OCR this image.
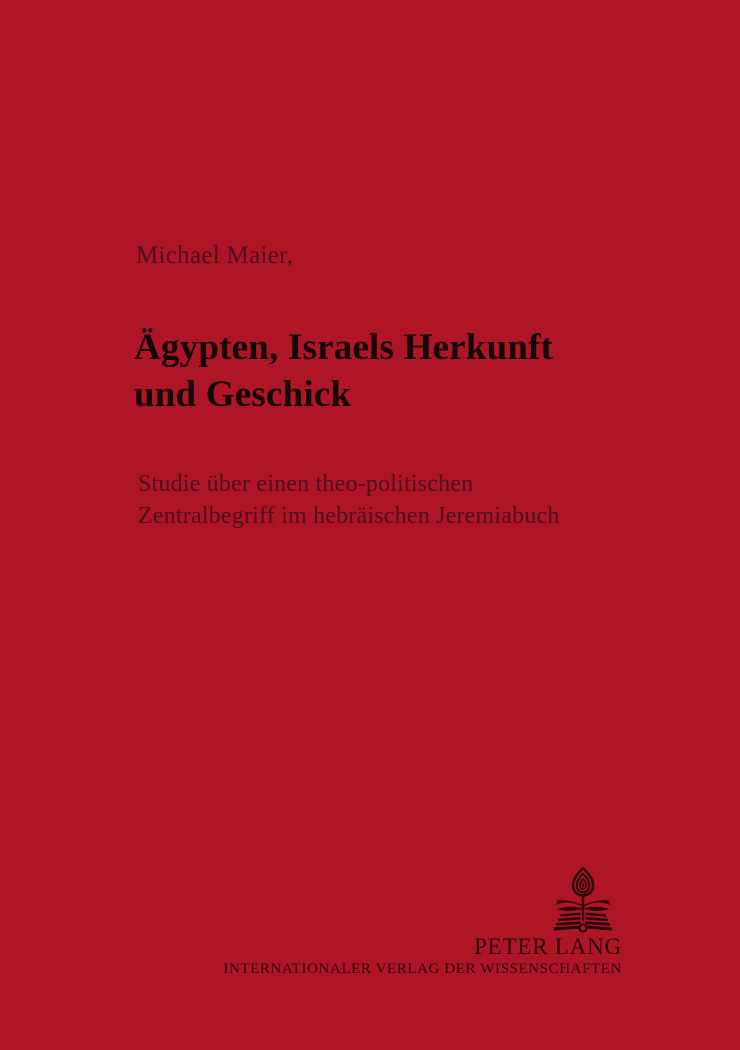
Michael Maier,
Ägypten, Israels Herkunft
und Geschick
Studie über einen theo-politischen
Zentralbegriff im hebräischen Jeremiabuch
PETER LANG
INTERNATIONALER VERLAG DER WISSENSCHAFTEN
